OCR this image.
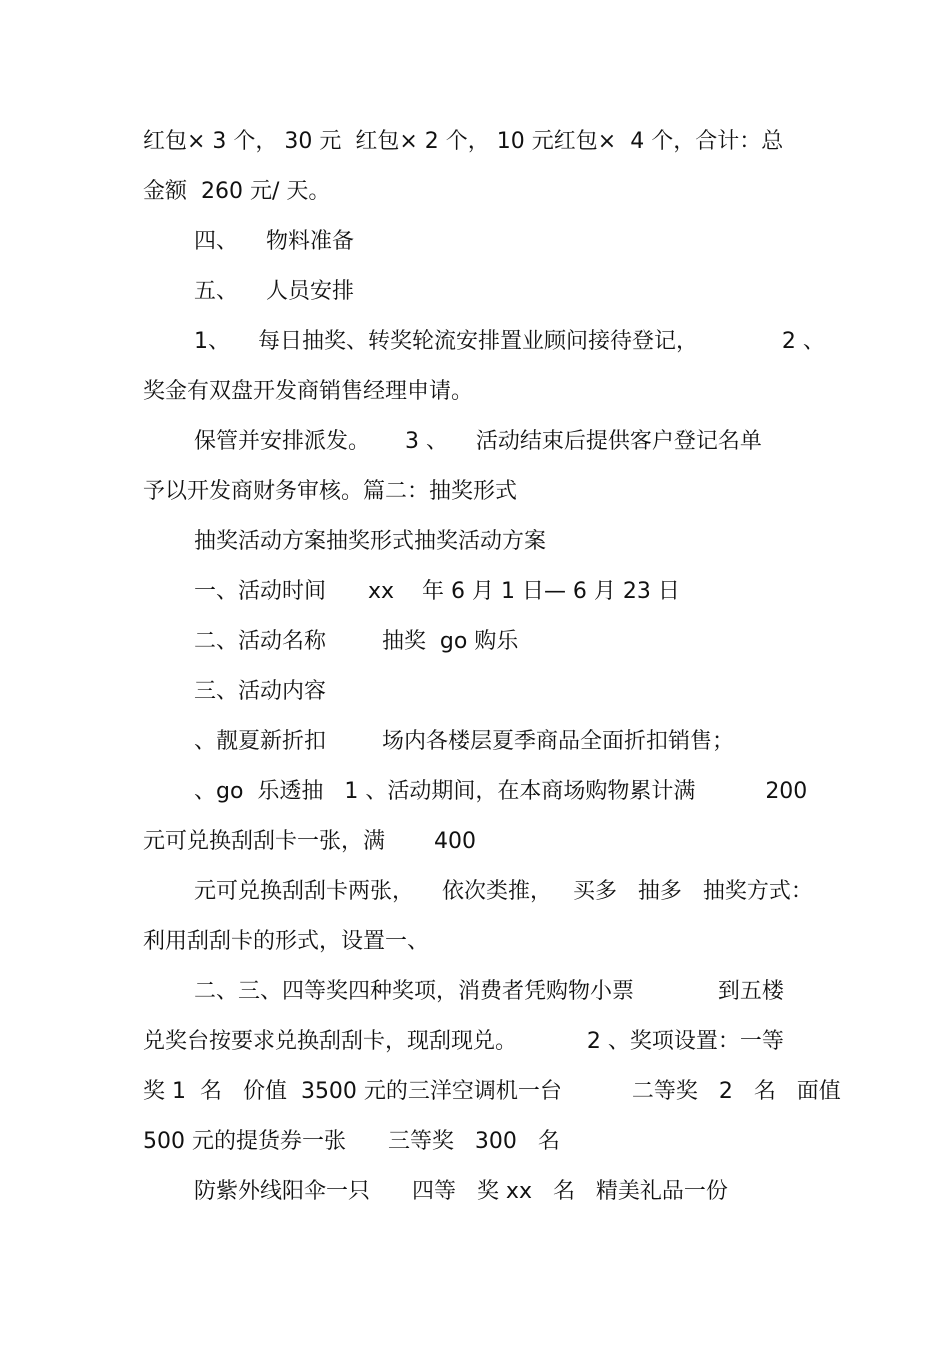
红包× 3 个， 30 元  红包× 2 个， 10 元红包×  4 个，合计：总
金额  260 元/ 天。
四、    物料准备
五、    人员安排
1、    每日抽奖、转奖轮流安排置业顾问接待登记，            2 、
奖金有双盘开发商销售经理申请。
保管并安排派发。     3 、    活动结束后提供客户登记名单
予以开发商财务审核。篇二：抽奖形式
抽奖活动方案抽奖形式抽奖活动方案
一、活动时间      xx    年 6 月 1 日— 6 月 23 日
二、活动名称        抽奖  go 购乐
三、活动内容
、靓夏新折扣        场内各楼层夏季商品全面折扣销售；
、go  乐透抽   1 、活动期间，在本商场购物累计满          200
元可兑换刮刮卡一张，满       400
元可兑换刮刮卡两张，    依次类推，   买多   抽多   抽奖方式：
利用刮刮卡的形式，设置一、
二、三、四等奖四种奖项，消费者凭购物小票            到五楼
兑奖台按要求兑换刮刮卡，现刮现兑。          2 、奖项设置：一等
奖 1  名   价值  3500 元的三洋空调机一台          二等奖   2   名   面值
500 元的提货券一张      三等奖   300   名
防紫外线阳伞一只      四等   奖 xx   名   精美礼品一份
